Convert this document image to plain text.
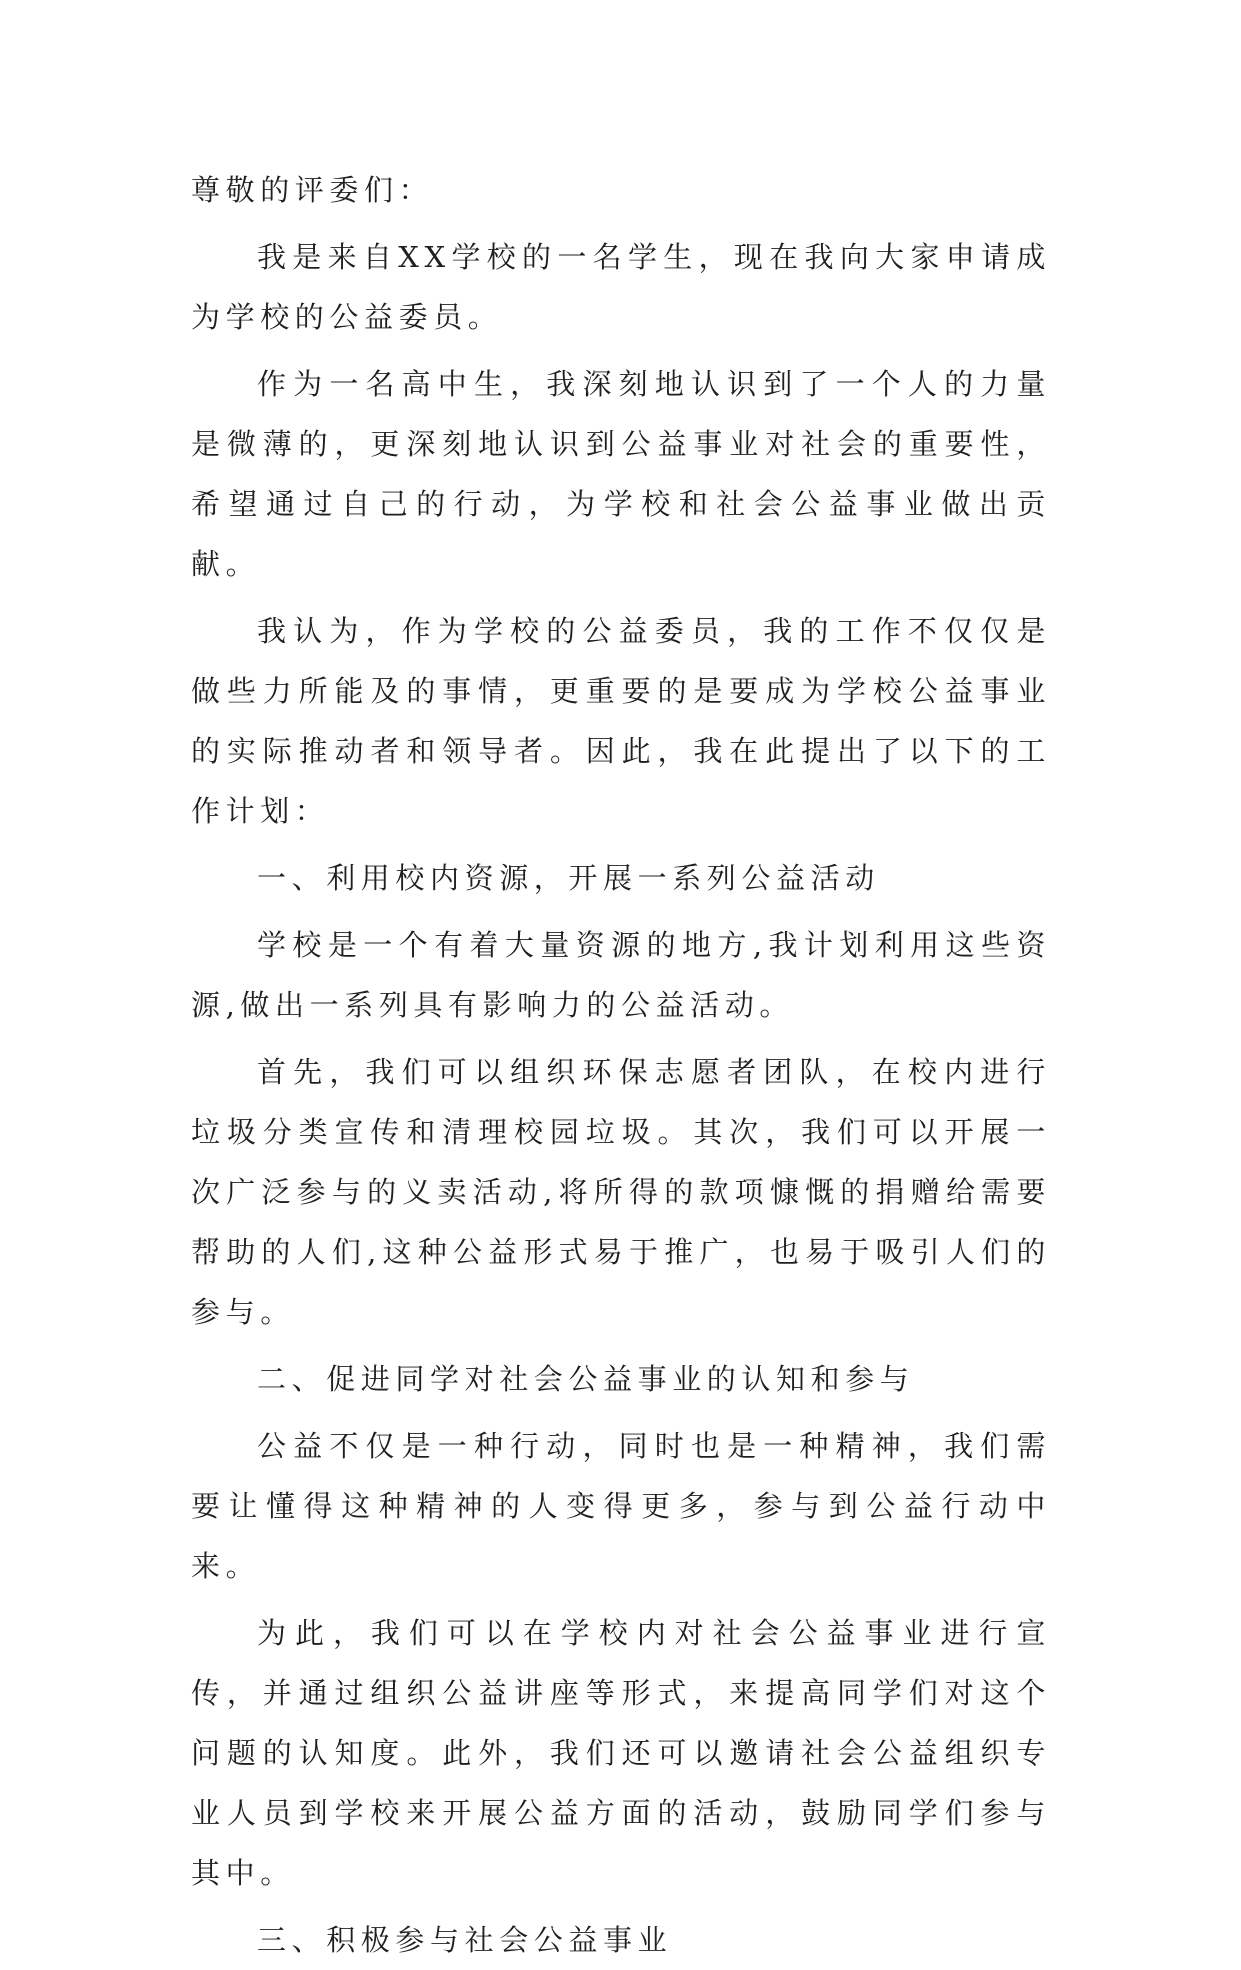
尊敬的评委们：

我是来自XX学校的一名学生，现在我向大家申请成为学校的公益委员。

作为一名高中生，我深刻地认识到了一个人的力量是微薄的，更深刻地认识到公益事业对社会的重要性，希望通过自己的行动，为学校和社会公益事业做出贡献。

我认为，作为学校的公益委员，我的工作不仅仅是做些力所能及的事情，更重要的是要成为学校公益事业的实际推动者和领导者。因此，我在此提出了以下的工作计划：

一、利用校内资源，开展一系列公益活动

学校是一个有着大量资源的地方,我计划利用这些资源,做出一系列具有影响力的公益活动。

首先，我们可以组织环保志愿者团队，在校内进行垃圾分类宣传和清理校园垃圾。其次，我们可以开展一次广泛参与的义卖活动,将所得的款项慷慨的捐赠给需要帮助的人们,这种公益形式易于推广，也易于吸引人们的参与。

二、促进同学对社会公益事业的认知和参与

公益不仅是一种行动，同时也是一种精神，我们需要让懂得这种精神的人变得更多，参与到公益行动中来。

为此，我们可以在学校内对社会公益事业进行宣传，并通过组织公益讲座等形式，来提高同学们对这个问题的认知度。此外，我们还可以邀请社会公益组织专业人员到学校来开展公益方面的活动，鼓励同学们参与其中。

三、积极参与社会公益事业
